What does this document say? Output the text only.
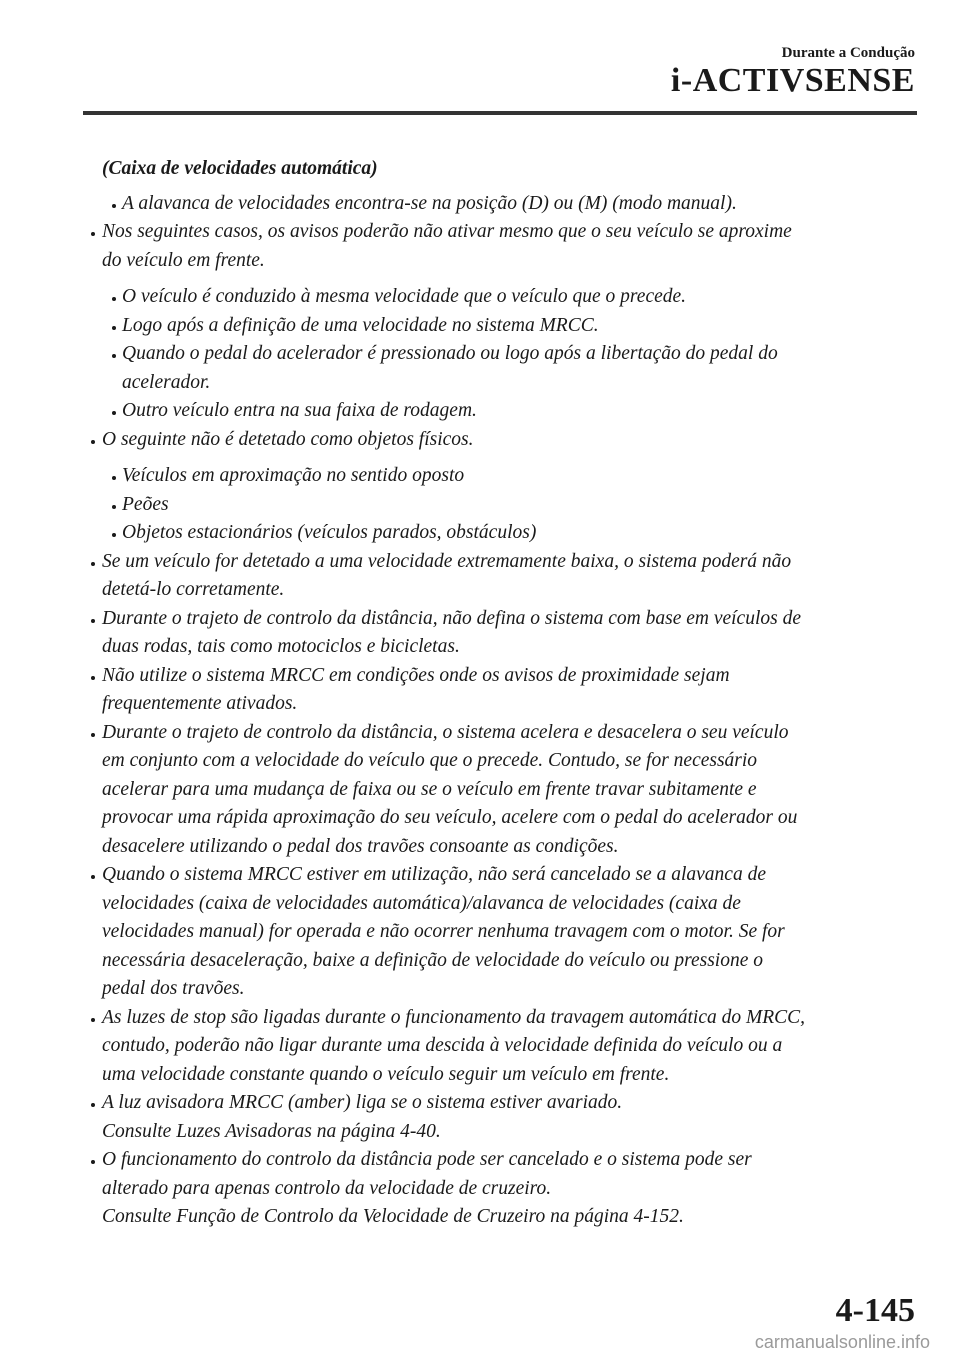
Durante a Condução
i-ACTIVSENSE
(Caixa de velocidades automática)
A alavanca de velocidades encontra-se na posição (D) ou (M) (modo manual).
Nos seguintes casos, os avisos poderão não ativar mesmo que o seu veículo se aproxime
do veículo em frente.
O veículo é conduzido à mesma velocidade que o veículo que o precede.
Logo após a definição de uma velocidade no sistema MRCC.
Quando o pedal do acelerador é pressionado ou logo após a libertação do pedal do
acelerador.
Outro veículo entra na sua faixa de rodagem.
O seguinte não é detetado como objetos físicos.
Veículos em aproximação no sentido oposto
Peões
Objetos estacionários (veículos parados, obstáculos)
Se um veículo for detetado a uma velocidade extremamente baixa, o sistema poderá não
detetá-lo corretamente.
Durante o trajeto de controlo da distância, não defina o sistema com base em veículos de
duas rodas, tais como motociclos e bicicletas.
Não utilize o sistema MRCC em condições onde os avisos de proximidade sejam
frequentemente ativados.
Durante o trajeto de controlo da distância, o sistema acelera e desacelera o seu veículo
em conjunto com a velocidade do veículo que o precede. Contudo, se for necessário
acelerar para uma mudança de faixa ou se o veículo em frente travar subitamente e
provocar uma rápida aproximação do seu veículo, acelere com o pedal do acelerador ou
desacelere utilizando o pedal dos travões consoante as condições.
Quando o sistema MRCC estiver em utilização, não será cancelado se a alavanca de
velocidades (caixa de velocidades automática)/alavanca de velocidades (caixa de
velocidades manual) for operada e não ocorrer nenhuma travagem com o motor. Se for
necessária desaceleração, baixe a definição de velocidade do veículo ou pressione o
pedal dos travões.
As luzes de stop são ligadas durante o funcionamento da travagem automática do MRCC,
contudo, poderão não ligar durante uma descida à velocidade definida do veículo ou a
uma velocidade constante quando o veículo seguir um veículo em frente.
A luz avisadora MRCC (amber) liga se o sistema estiver avariado.
Consulte Luzes Avisadoras na página 4-40.
O funcionamento do controlo da distância pode ser cancelado e o sistema pode ser
alterado para apenas controlo da velocidade de cruzeiro.
Consulte Função de Controlo da Velocidade de Cruzeiro na página 4-152.
4-145
carmanualsonline.info
